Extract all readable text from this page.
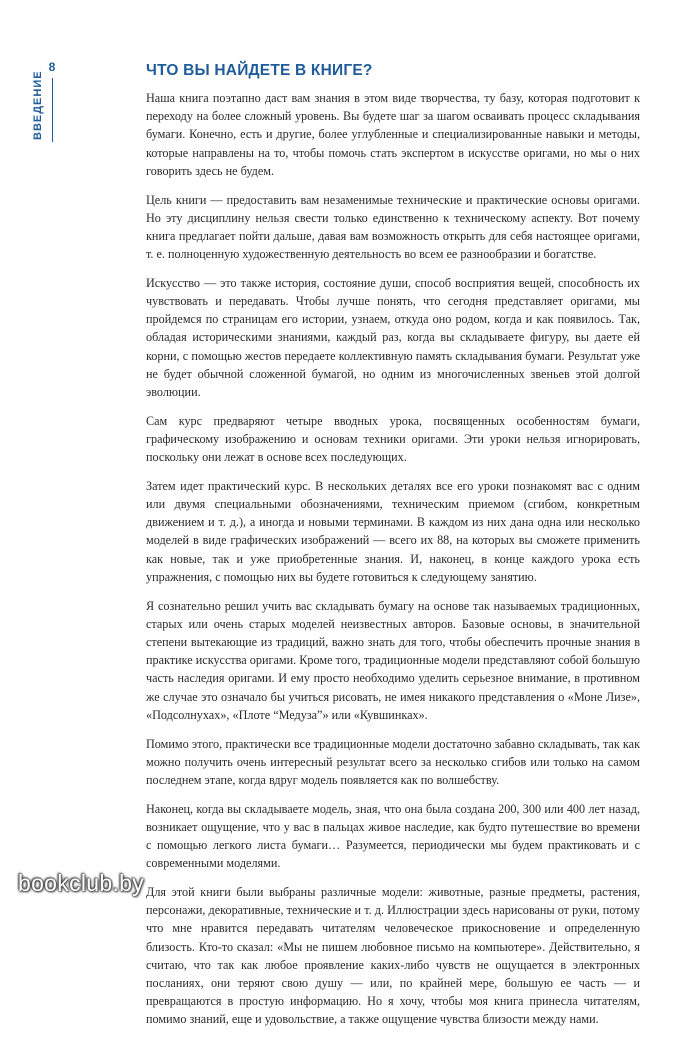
8
ВВЕДЕНИЕ	ЧТО ВЫ НАЙДЕТЕ В КНИГЕ?

Наша книга поэтапно даст вам знания в этом виде творчества, ту базу, которая подготовит к переходу на более сложный уровень. Вы будете шаг за шагом осваивать процесс складывания бумаги. Конечно, есть и другие, более углубленные и специализированные навыки и методы, которые направлены на то, чтобы помочь стать экспертом в искусстве оригами, но мы о них говорить здесь не будем.

Цель книги — предоставить вам незаменимые технические и практические основы оригами. Но эту дисциплину нельзя свести только единственно к техническому аспекту. Вот почему книга предлагает пойти дальше, давая вам возможность открыть для себя настоящее оригами, т. е. полноценную художественную деятельность во всем ее разнообразии и богатстве.

Искусство — это также история, состояние души, способ восприятия вещей, способность их чувствовать и передавать. Чтобы лучше понять, что сегодня представляет оригами, мы пройдемся по страницам его истории, узнаем, откуда оно родом, когда и как появилось. Так, обладая историческими знаниями, каждый раз, когда вы складываете фигуру, вы даете ей корни, с помощью жестов передаете коллективную память складывания бумаги. Результат уже не будет обычной сложенной бумагой, но одним из многочисленных звеньев этой долгой эволюции.

Сам курс предваряют четыре вводных урока, посвященных особенностям бумаги, графическому изображению и основам техники оригами. Эти уроки нельзя игнорировать, поскольку они лежат в основе всех последующих.

Затем идет практический курс. В нескольких деталях все его уроки познакомят вас с одним или двумя специальными обозначениями, техническим приемом (сгибом, конкретным движением и т. д.), а иногда и новыми терминами. В каждом из них дана одна или несколько моделей в виде графических изображений — всего их 88, на которых вы сможете применить как новые, так и уже приобретенные знания. И, наконец, в конце каждого урока есть упражнения, с помощью них вы будете готовиться к следующему занятию.

Я сознательно решил учить вас складывать бумагу на основе так называемых традиционных, старых или очень старых моделей неизвестных авторов. Базовые основы, в значительной степени вытекающие из традиций, важно знать для того, чтобы обеспечить прочные знания в практике искусства оригами. Кроме того, традиционные модели представляют собой большую часть наследия оригами. И ему просто необходимо уделить серьезное внимание, в противном же случае это означало бы учиться рисовать, не имея никакого представления о «Моне Лизе», «Подсолнухах», «Плоте “Медуза”» или «Кувшинках».

Помимо этого, практически все традиционные модели достаточно забавно складывать, так как можно получить очень интересный результат всего за несколько сгибов или только на самом последнем этапе, когда вдруг модель появляется как по волшебству.

Наконец, когда вы складываете модель, зная, что она была создана 200, 300 или 400 лет назад, возникает ощущение, что у вас в пальцах живое наследие, как будто путешествие во времени с помощью легкого листа бумаги… Разумеется, периодически мы будем практиковать и с современными моделями.

Для этой книги были выбраны различные модели: животные, разные предметы, растения, персонажи, декоративные, технические и т. д. Иллюстрации здесь нарисованы от руки, потому что мне нравится передавать читателям человеческое прикосновение и определенную близость. Кто-то сказал: «Мы не пишем любовное письмо на компьютере». Действительно, я считаю, что так как любое проявление каких-либо чувств не ощущается в электронных посланиях, они теряют свою душу — или, по крайней мере, большую ее часть — и превращаются в простую информацию. Но я хочу, чтобы моя книга принесла читателям, помимо знаний, еще и удовольствие, а также ощущение чувства близости между нами.

bookclub.by
